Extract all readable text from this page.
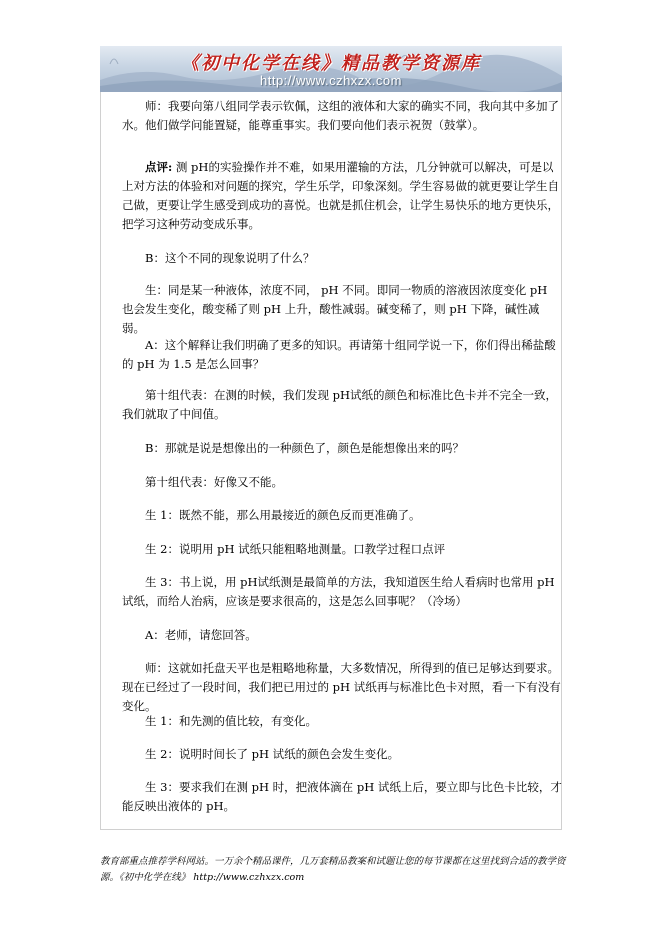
《初中化学在线》精品教学资源库
http://www.czhxzx.com

师：我要向第八组同学表示钦佩，这组的液体和大家的确实不同，我向其中多加了水。他们做学问能置疑，能尊重事实。我们要向他们表示祝贺（鼓掌）。

点评: 测 pH的实验操作并不难，如果用灌输的方法，几分钟就可以解决，可是以上对方法的体验和对问题的探究，学生乐学，印象深刻。学生容易做的就更要让学生自己做，更要让学生感受到成功的喜悦。也就是抓住机会，让学生易快乐的地方更快乐，把学习这种劳动变成乐事。

B：这个不同的现象说明了什么？

生：同是某一种液体，浓度不同， pH 不同。即同一物质的溶液因浓度变化 pH 也会发生变化，酸变稀了则 pH 上升，酸性减弱。碱变稀了，则 pH 下降，碱性减弱。

A：这个解释让我们明确了更多的知识。再请第十组同学说一下，你们得出稀盐酸的 pH 为 1.5 是怎么回事？

第十组代表：在测的时候，我们发现 pH试纸的颜色和标准比色卡并不完全一致，我们就取了中间值。

B：那就是说是想像出的一种颜色了，颜色是能想像出来的吗？

第十组代表：好像又不能。

生 1：既然不能，那么用最接近的颜色反而更准确了。

生 2：说明用 pH 试纸只能粗略地测量。口教学过程口点评

生 3：书上说，用 pH试纸测是最简单的方法，我知道医生给人看病时也常用 pH试纸，而给人治病，应该是要求很高的，这是怎么回事呢？（冷场）

A：老师，请您回答。

师：这就如托盘天平也是粗略地称量，大多数情况，所得到的值已足够达到要求。现在已经过了一段时间，我们把已用过的 pH 试纸再与标准比色卡对照，看一下有没有变化。

生 1：和先测的值比较，有变化。

生 2：说明时间长了 pH 试纸的颜色会发生变化。

生 3：要求我们在测 pH 时，把液体滴在 pH 试纸上后，要立即与比色卡比较，才能反映出液体的 pH。

教育部重点推荐学科网站。一万余个精品课件，几万套精品教案和试题让您的每节课都在这里找到合适的教学资源。《初中化学在线》 http://www.czhxzx.com
